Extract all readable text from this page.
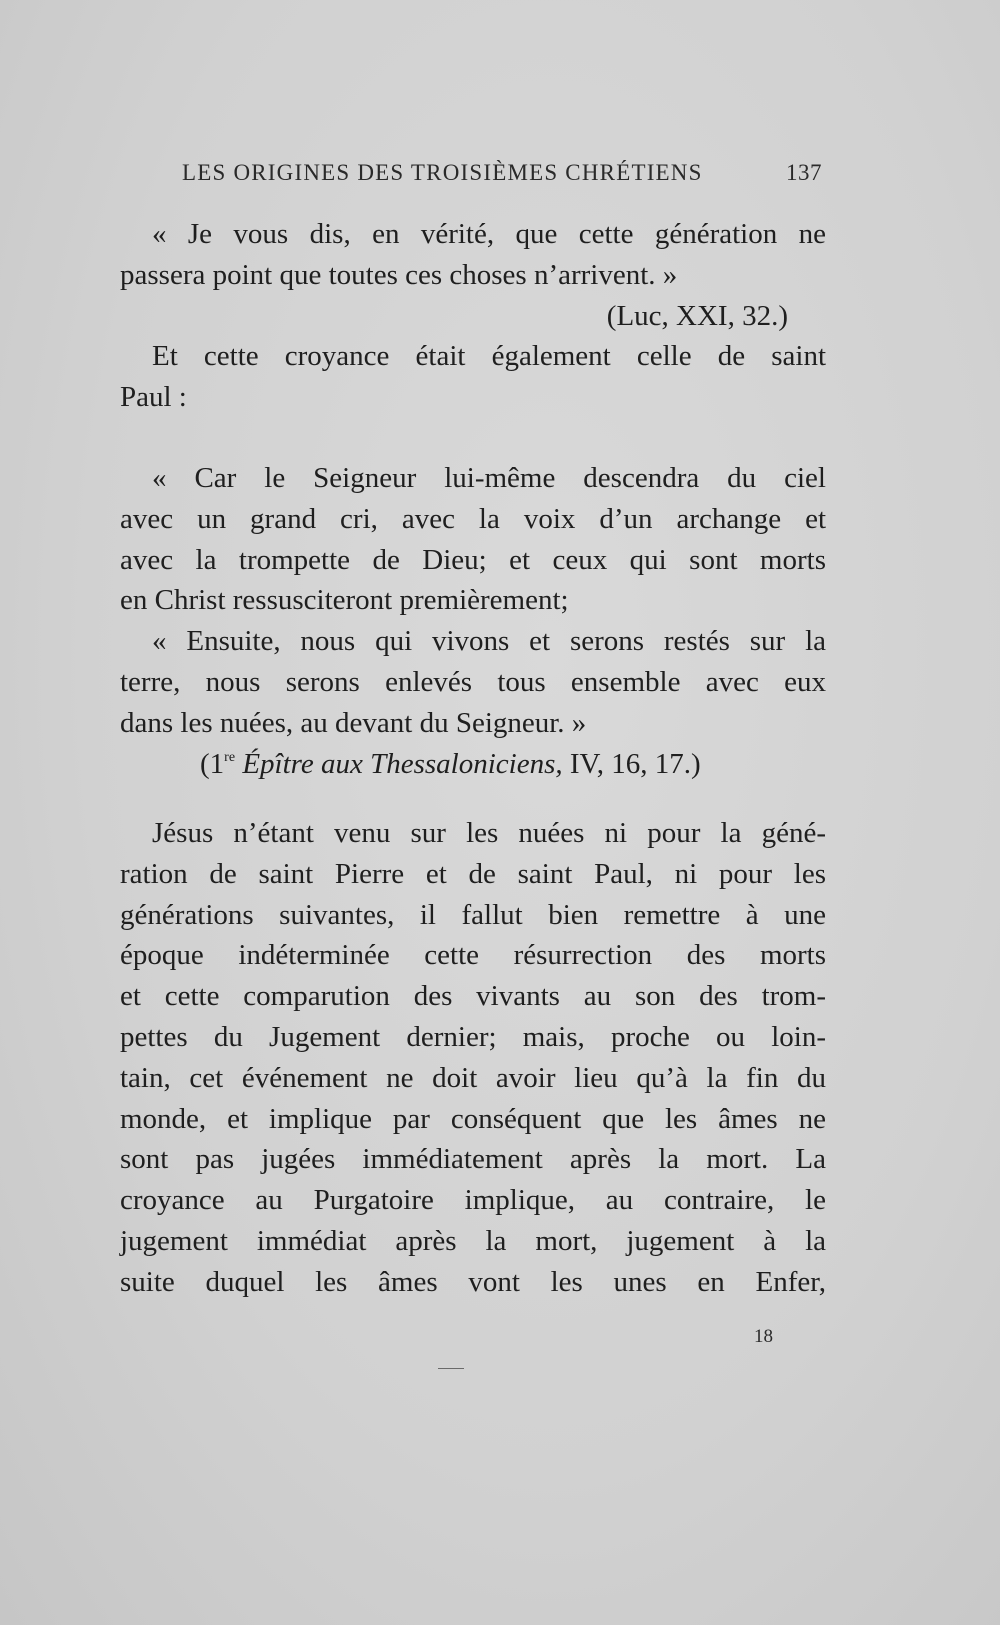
LES ORIGINES DES TROISIÈMES CHRÉTIENS	137
« Je vous dis, en vérité, que cette génération ne
passera point que toutes ces choses n’arrivent. »
(Luc, XXI, 32.)
Et cette croyance était également celle de saint
Paul :
« Car le Seigneur lui-même descendra du ciel
avec un grand cri, avec la voix d’un archange et
avec la trompette de Dieu; et ceux qui sont morts
en Christ ressusciteront premièrement;
« Ensuite, nous qui vivons et serons restés sur la
terre, nous serons enlevés tous ensemble avec eux
dans les nuées, au devant du Seigneur. »
(1re Épître aux Thessaloniciens, IV, 16, 17.)
Jésus n’étant venu sur les nuées ni pour la géné-
ration de saint Pierre et de saint Paul, ni pour les
générations suivantes, il fallut bien remettre à une
époque indéterminée cette résurrection des morts
et cette comparution des vivants au son des trom-
pettes du Jugement dernier; mais, proche ou loin-
tain, cet événement ne doit avoir lieu qu’à la fin du
monde, et implique par conséquent que les âmes ne
sont pas jugées immédiatement après la mort. La
croyance au Purgatoire implique, au contraire, le
jugement immédiat après la mort, jugement à la
suite duquel les âmes vont les unes en Enfer,
18
